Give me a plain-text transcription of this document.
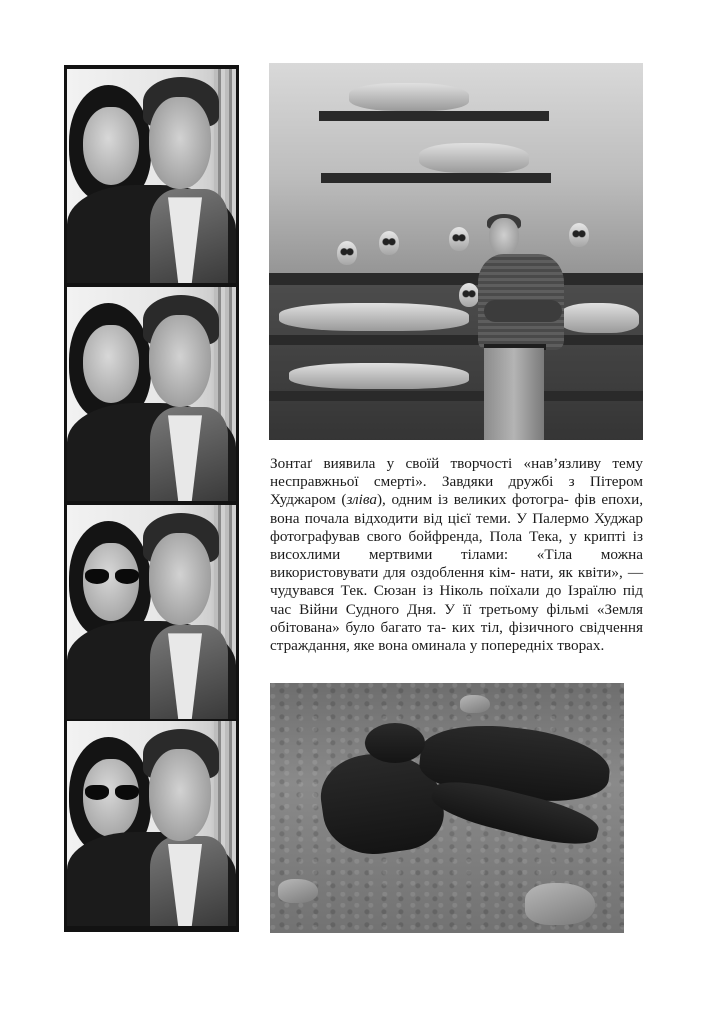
Зонтаґ виявила у своїй творчості «нав’язливу тему несправжньої смерті». Завдяки дружбі з Пітером Худжаром (зліва), одним із великих фотогра- фів епохи, вона почала відходити від цієї теми. У Палермо Худжар фотографував свого бойфренда, Пола Тека, у крипті із висохлими мертвими тілами: «Тіла можна використовувати для оздоблення кім- нати, як квіти», — чудувався Тек. Сюзан із Ніколь поїхали до Ізраїлю під час Війни Судного Дня. У її третьому фільмі «Земля обітована» було багато та- ких тіл, фізичного свідчення страждання, яке вона оминала у попередніх творах.
